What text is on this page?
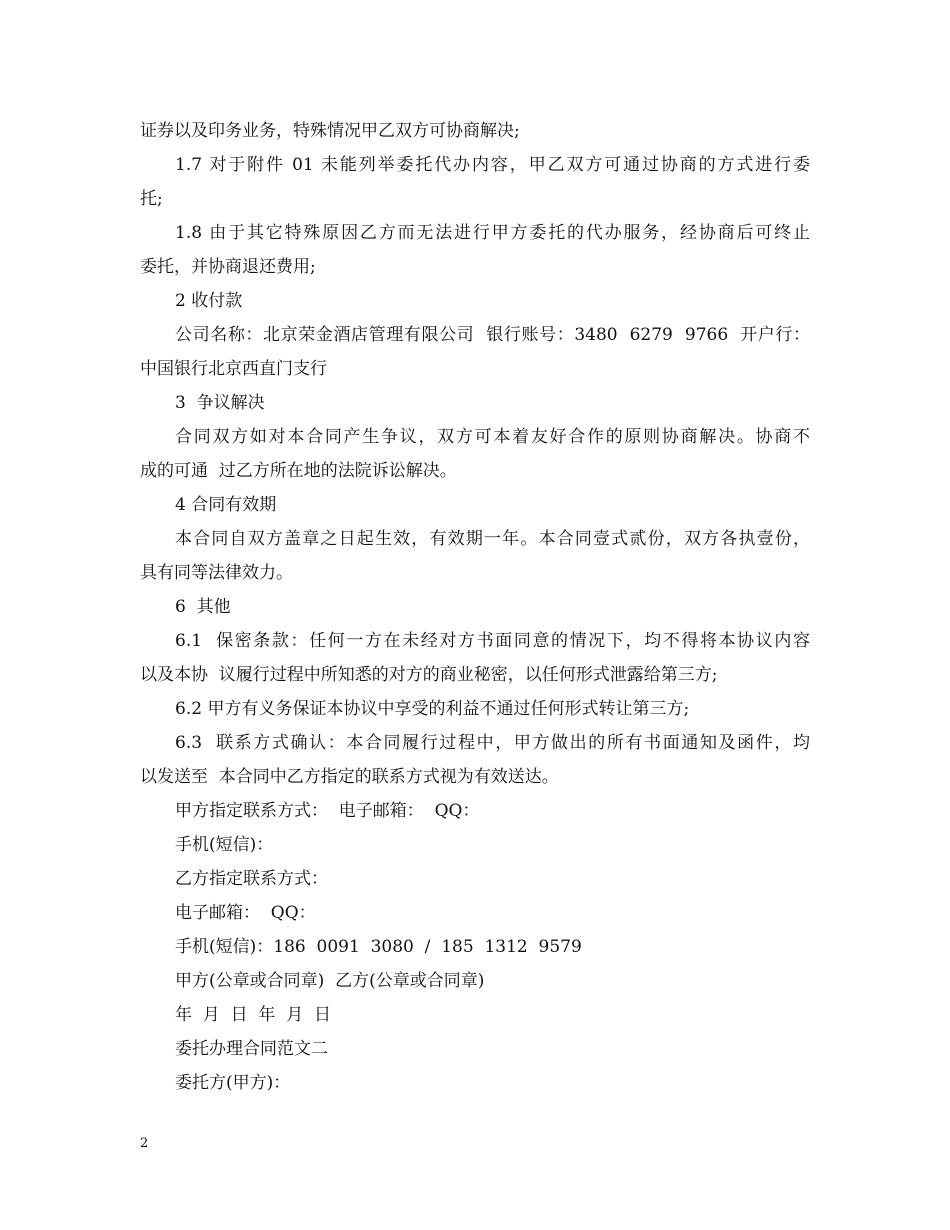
证券以及印务业务，特殊情况甲乙双方可协商解决;
1.7 对于附件 01 未能列举委托代办内容，甲乙双方可通过协商的方式进行委
托;
1.8 由于其它特殊原因乙方而无法进行甲方委托的代办服务，经协商后可终止
委托，并协商退还费用;
2 收付款
公司名称：北京荣金酒店管理有限公司  银行账号：3480  6279  9766  开户行：
中国银行北京西直门支行
3  争议解决
合同双方如对本合同产生争议，双方可本着友好合作的原则协商解决。协商不
成的可通  过乙方所在地的法院诉讼解决。
4 合同有效期
本合同自双方盖章之日起生效，有效期一年。本合同壹式贰份，双方各执壹份，
具有同等法律效力。
6  其他
6.1  保密条款：任何一方在未经对方书面同意的情况下，均不得将本协议内容
以及本协  议履行过程中所知悉的对方的商业秘密，以任何形式泄露给第三方;
6.2 甲方有义务保证本协议中享受的利益不通过任何形式转让第三方;
6.3  联系方式确认：本合同履行过程中，甲方做出的所有书面通知及函件，均
以发送至  本合同中乙方指定的联系方式视为有效送达。
甲方指定联系方式：  电子邮箱：  QQ：
手机(短信)：
乙方指定联系方式：
电子邮箱：  QQ：
手机(短信)：186  0091  3080  /  185  1312  9579
甲方(公章或合同章)  乙方(公章或合同章)
年  月  日  年  月  日
委托办理合同范文二
委托方(甲方)：
2
